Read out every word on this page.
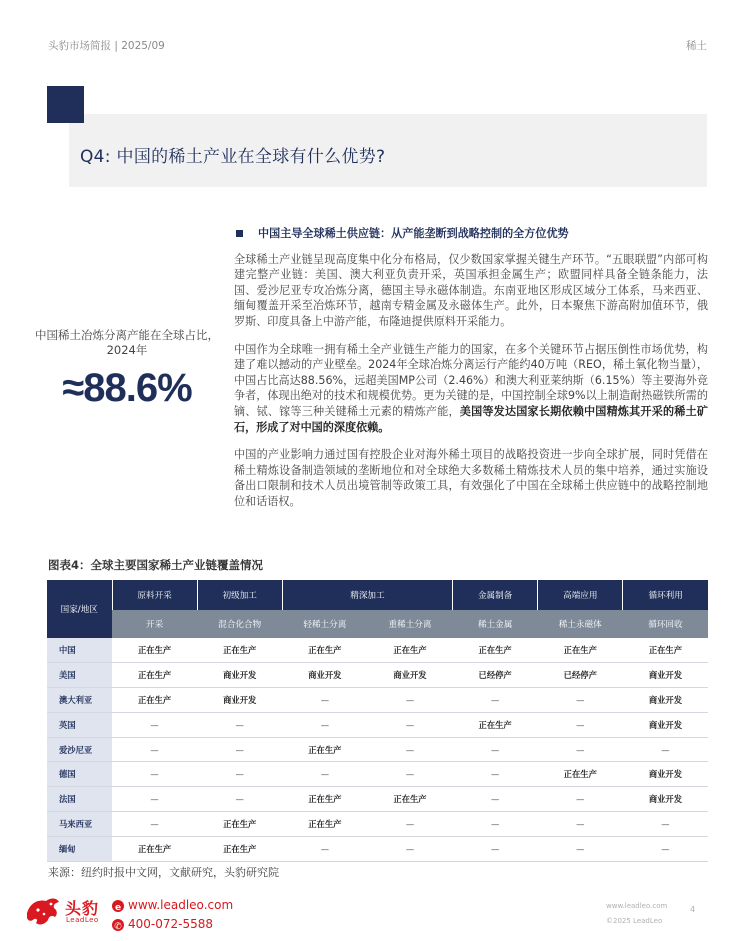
头豹市场简报 | 2025/09	稀土
Q4: 中国的稀土产业在全球有什么优势?
中国稀土冶炼分离产能在全球占比，2024年
≈88.6%
中国主导全球稀土供应链：从产能垄断到战略控制的全方位优势

全球稀土产业链呈现高度集中化分布格局，仅少数国家掌握关键生产环节。“五眼联盟”内部可构建完整产业链：美国、澳大利亚负责开采，英国承担金属生产；欧盟同样具备全链条能力，法国、爱沙尼亚专攻冶炼分离，德国主导永磁体制造。东南亚地区形成区域分工体系，马来西亚、缅甸覆盖开采至冶炼环节，越南专精金属及永磁体生产。此外，日本聚焦下游高附加值环节，俄罗斯、印度具备上中游产能，布隆迪提供原料开采能力。

中国作为全球唯一拥有稀土全产业链生产能力的国家，在多个关键环节占据压倒性市场优势，构建了难以撼动的产业壁垒。2024年全球冶炼分离运行产能约40万吨（REO，稀土氧化物当量），中国占比高达88.56%，远超美国MP公司（2.46%）和澳大利亚莱纳斯（6.15%）等主要海外竞争者，体现出绝对的技术和规模优势。更为关键的是，中国控制全球9%以上制造耐热磁铁所需的镝、铽、镓等三种关键稀土元素的精炼产能，美国等发达国家长期依赖中国精炼其开采的稀土矿石，形成了对中国的深度依赖。

中国的产业影响力通过国有控股企业对海外稀土项目的战略投资进一步向全球扩展，同时凭借在稀土精炼设备制造领域的垄断地位和对全球绝大多数稀土精炼技术人员的集中培养，通过实施设备出口限制和技术人员出境管制等政策工具，有效强化了中国在全球稀土供应链中的战略控制地位和话语权。

图表4：全球主要国家稀土产业链覆盖情况
国家/地区	原料开采	初级加工	精深加工		金属制备	高端应用	循环利用
	开采	混合化合物	轻稀土分离	重稀土分离	稀土金属	稀土永磁体	循环回收
中国	正在生产	正在生产	正在生产	正在生产	正在生产	正在生产	正在生产
美国	正在生产	商业开发	商业开发	商业开发	已经停产	已经停产	商业开发
澳大利亚	正在生产	商业开发	—	—	—	—	商业开发
英国	—	—	—	—	正在生产	—	商业开发
爱沙尼亚	—	—	正在生产	—	—	—	—
德国	—	—	—	—	—	正在生产	商业开发
法国	—	—	正在生产	正在生产	—	—	商业开发
马来西亚	—	正在生产	正在生产	—	—	—	—
缅甸	正在生产	正在生产	—	—	—	—	—
来源：纽约时报中文网，文献研究，头豹研究院
头豹
LeadLeo
e www.leadleo.com
✆ 400-072-5588
www.leadleo.com
©2025 LeadLeo
4
